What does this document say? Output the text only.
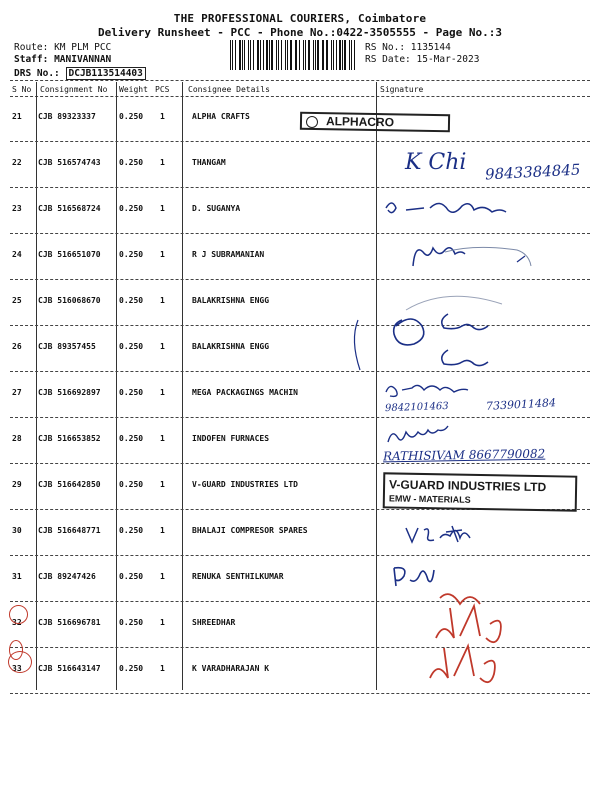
THE PROFESSIONAL COURIERS, Coimbatore
Delivery Runsheet - PCC - Phone No.:0422-3505555 - Page No.:3
Route: KM PLM PCC
Staff: MANIVANNAN
DRS No.: DCJB113514403
RS No.: 1135144
RS Date: 15-Mar-2023
S No Consignment No Weight PCS Consignee Details	Signature
21 CJB 89323337	0.250 1	ALPHA CRAFTS
22 CJB 516574743 0.250 1	THANGAM
23 CJB 516568724 0.250 1	D. SUGANYA
24 CJB 516651070 0.250 1	R J SUBRAMANIAN
25 CJB 516068670 0.250 1	BALAKRISHNA ENGG
26 CJB 89357455	0.250 1	BALAKRISHNA ENGG
27 CJB 516692897 0.250 1	MEGA PACKAGINGS MACHIN
28 CJB 516653852 0.250 1	INDOFEN FURNACES
29 CJB 516642850 0.250 1	V-GUARD INDUSTRIES LTD
30 CJB 516648771 0.250 1	BHALAJI COMPRESOR SPARES
31 CJB 89247426	0.250 1	RENUKA SENTHILKUMAR
32 CJB 516696781 0.250 1	SHREEDHAR
33 CJB 516643147 0.250 1	K VARADHARAJAN K
ALPHACRO
K Chi 9843384845
9842101463	7339011484
RATHISIVAM 8667790082
V-GUARD INDUSTRIES LTD
EMW - MATERIALS
